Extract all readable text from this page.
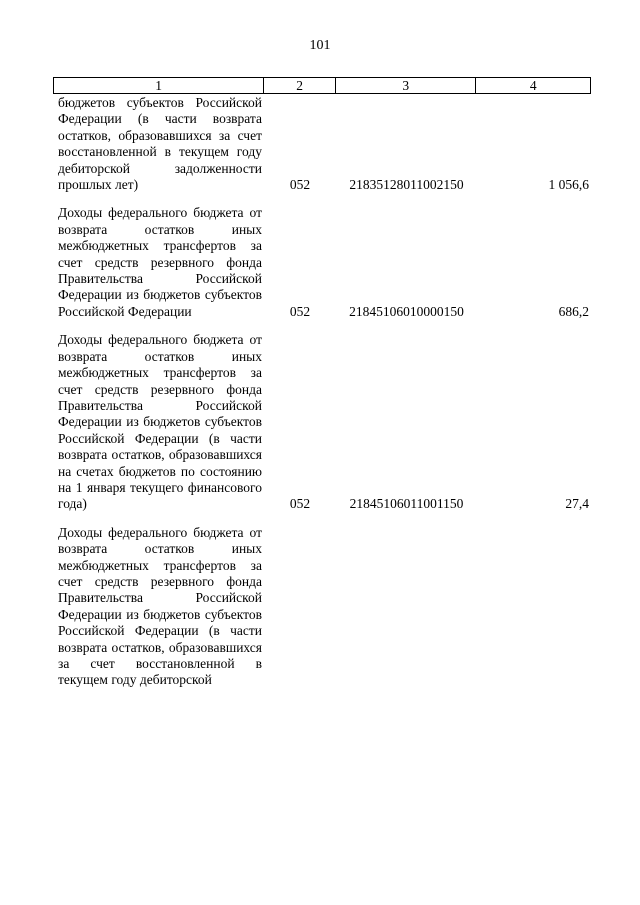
101
1	2	3	4
бюджетов субъектов Российской Федерации (в части возврата остатков, образовавшихся за счет восстановленной в текущем году дебиторской задолженности прошлых лет)	052	21835128011002150	1 056,6
Доходы федерального бюджета от возврата остатков иных межбюджетных трансфертов за счет средств резервного фонда Правительства Российской Федерации из бюджетов субъектов Российской Федерации	052	21845106010000150	686,2
Доходы федерального бюджета от возврата остатков иных межбюджетных трансфертов за счет средств резервного фонда Правительства Российской Федерации из бюджетов субъектов Российской Федерации (в части возврата остатков, образовавшихся на счетах бюджетов по состоянию на 1 января текущего финансового года)	052	21845106011001150	27,4
Доходы федерального бюджета от возврата остатков иных межбюджетных трансфертов за счет средств резервного фонда Правительства Российской Федерации из бюджетов субъектов Российской Федерации (в части возврата остатков, образовавшихся за счет восстановленной в текущем году дебиторской
